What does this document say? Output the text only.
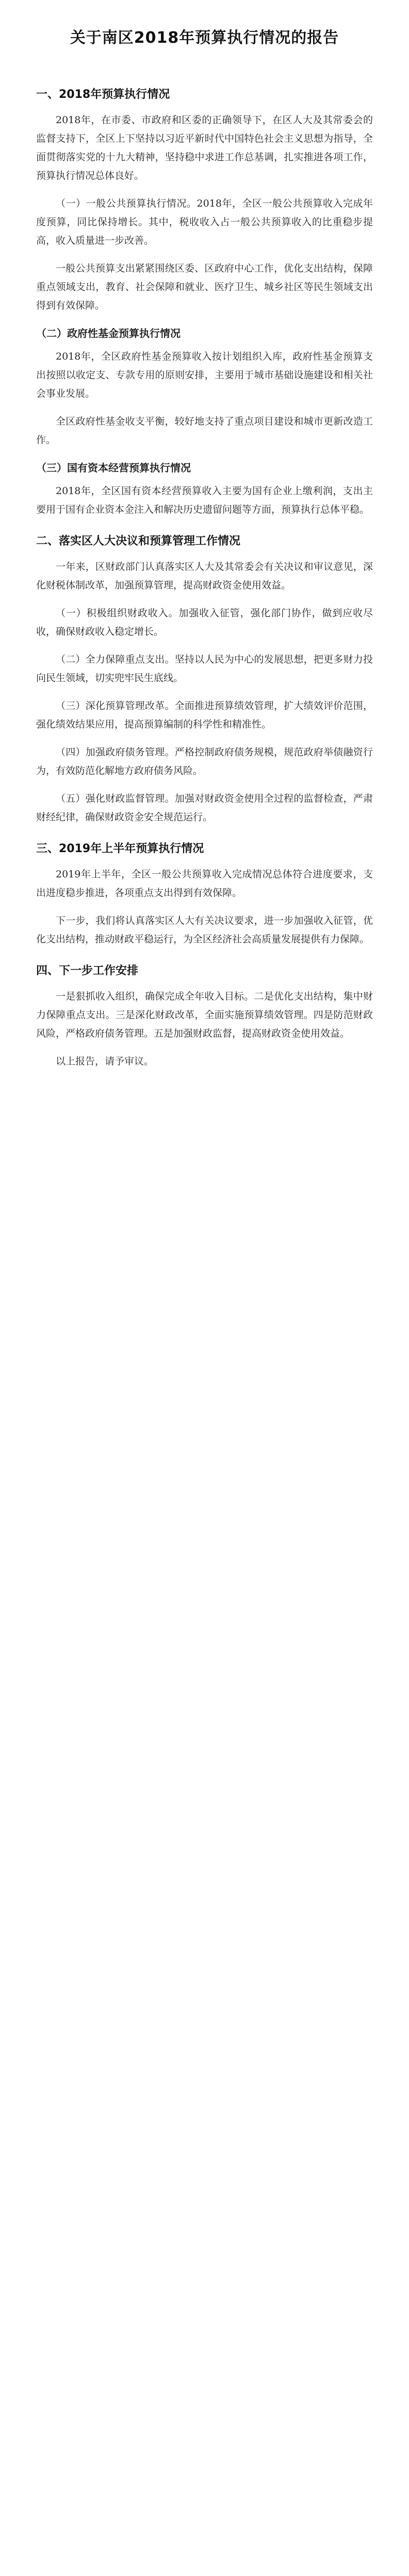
关于南区2018年预算执行情况的报告
一、2018年预算执行情况

2018年，在市委、市政府和区委的正确领导下，在区人大及其常委会的监督支持下，全区上下坚持以习近平新时代中国特色社会主义思想为指导，全面贯彻落实党的十九大精神，坚持稳中求进工作总基调，扎实推进各项工作，预算执行情况总体良好。

（一）一般公共预算执行情况。2018年，全区一般公共预算收入完成年度预算，同比保持增长。其中，税收收入占一般公共预算收入的比重稳步提高，收入质量进一步改善。

一般公共预算支出紧紧围绕区委、区政府中心工作，优化支出结构，保障重点领域支出，教育、社会保障和就业、医疗卫生、城乡社区等民生领域支出得到有效保障。

（二）政府性基金预算执行情况

2018年，全区政府性基金预算收入按计划组织入库，政府性基金预算支出按照以收定支、专款专用的原则安排，主要用于城市基础设施建设和相关社会事业发展。

全区政府性基金收支平衡，较好地支持了重点项目建设和城市更新改造工作。

（三）国有资本经营预算执行情况

2018年，全区国有资本经营预算收入主要为国有企业上缴利润，支出主要用于国有企业资本金注入和解决历史遗留问题等方面，预算执行总体平稳。

二、落实区人大决议和预算管理工作情况

一年来，区财政部门认真落实区人大及其常委会有关决议和审议意见，深化财税体制改革，加强预算管理，提高财政资金使用效益。

（一）积极组织财政收入。加强收入征管，强化部门协作，做到应收尽收，确保财政收入稳定增长。

（二）全力保障重点支出。坚持以人民为中心的发展思想，把更多财力投向民生领域，切实兜牢民生底线。

（三）深化预算管理改革。全面推进预算绩效管理，扩大绩效评价范围，强化绩效结果应用，提高预算编制的科学性和精准性。

（四）加强政府债务管理。严格控制政府债务规模，规范政府举债融资行为，有效防范化解地方政府债务风险。

（五）强化财政监督管理。加强对财政资金使用全过程的监督检查，严肃财经纪律，确保财政资金安全规范运行。

三、2019年上半年预算执行情况

2019年上半年，全区一般公共预算收入完成情况总体符合进度要求，支出进度稳步推进，各项重点支出得到有效保障。

下一步，我们将认真落实区人大有关决议要求，进一步加强收入征管，优化支出结构，推动财政平稳运行，为全区经济社会高质量发展提供有力保障。

四、下一步工作安排

一是狠抓收入组织，确保完成全年收入目标。二是优化支出结构，集中财力保障重点支出。三是深化财政改革，全面实施预算绩效管理。四是防范财政风险，严格政府债务管理。五是加强财政监督，提高财政资金使用效益。

以上报告，请予审议。
